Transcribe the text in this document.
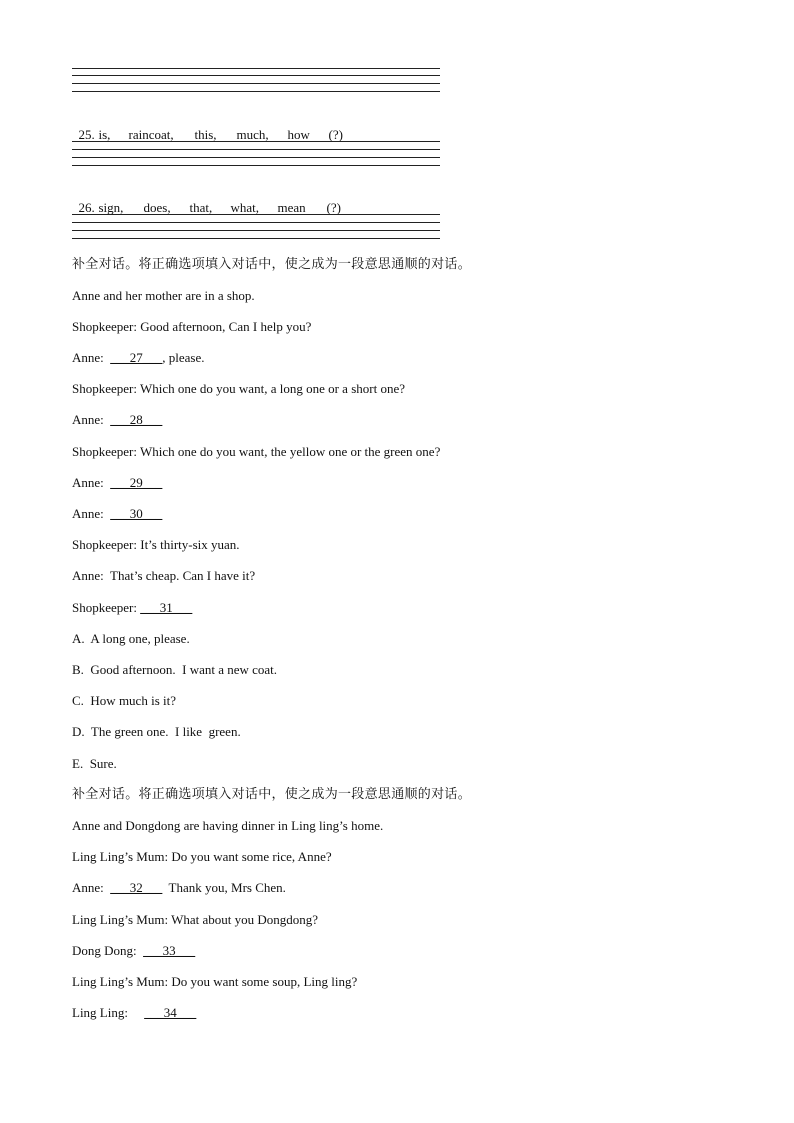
25. is, raincoat, this, much, how (?)

26. sign, does, that, what, mean (?)

补全对话。将正确选项填入对话中，使之成为一段意思通顺的对话。
Anne and her mother are in a shop.
Shopkeeper: Good afternoon, Can I help you?
Anne: ___27___, please.
Shopkeeper: Which one do you want, a long one or a short one?
Anne: ___28___
Shopkeeper: Which one do you want, the yellow one or the green one?
Anne: ___29___
Anne: ___30___
Shopkeeper: It’s thirty-six yuan.
Anne:  That’s cheap. Can I have it?
Shopkeeper: ___31___
A.  A long one, please.
B.  Good afternoon.  I want a new coat.
C.  How much is it?
D.  The green one.  I like  green.
E.  Sure.
补全对话。将正确选项填入对话中，使之成为一段意思通顺的对话。
Anne and Dongdong are having dinner in Ling ling’s home.
Ling Ling’s Mum: Do you want some rice, Anne?
Anne: ___32___  Thank you, Mrs Chen.
Ling Ling’s Mum: What about you Dongdong?
Dong Dong: ___33___
Ling Ling’s Mum: Do you want some soup, Ling ling?
Ling Ling: ___34___
